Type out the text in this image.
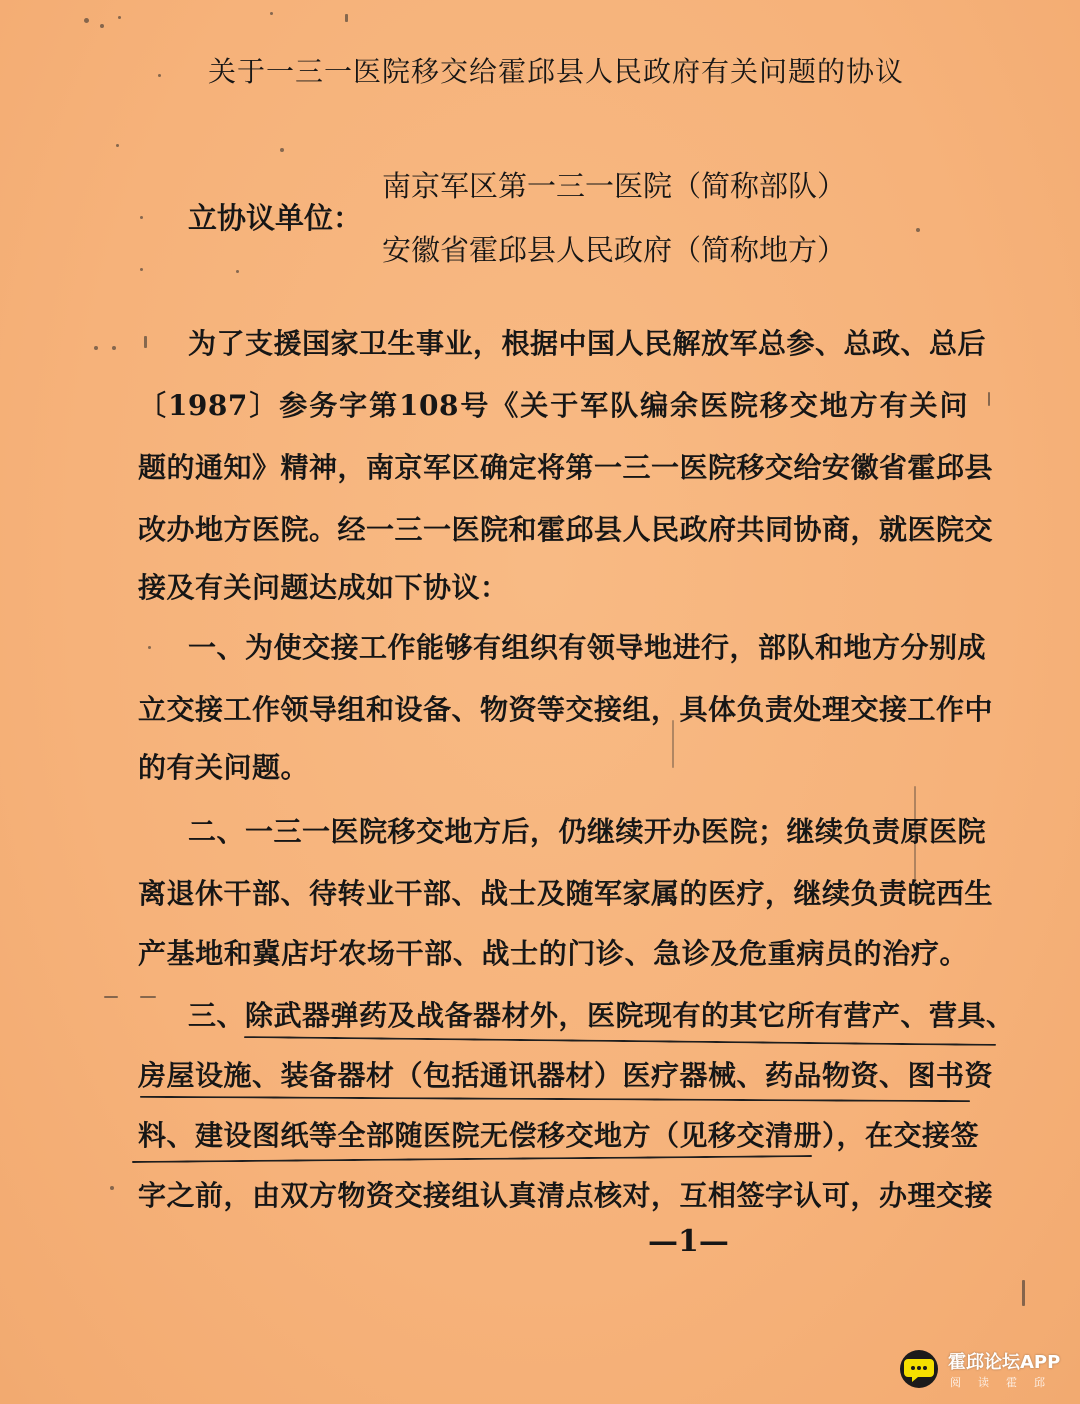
关于一三一医院移交给霍邱县人民政府有关问题的协议
立协议单位：
南京军区第一三一医院（简称部队）
安徽省霍邱县人民政府（简称地方）
为了支援国家卫生事业，根据中国人民解放军总参、总政、总后
〔1987〕参务字第108号《关于军队编余医院移交地方有关问
题的通知》精神，南京军区确定将第一三一医院移交给安徽省霍邱县
改办地方医院。经一三一医院和霍邱县人民政府共同协商，就医院交
接及有关问题达成如下协议：
一、为使交接工作能够有组织有领导地进行，部队和地方分别成
立交接工作领导组和设备、物资等交接组，具体负责处理交接工作中
的有关问题。
二、一三一医院移交地方后，仍继续开办医院；继续负责原医院
离退休干部、待转业干部、战士及随军家属的医疗，继续负责皖西生
产基地和冀店圩农场干部、战士的门诊、急诊及危重病员的治疗。
三、除武器弹药及战备器材外，医院现有的其它所有营产、营具、
房屋设施、装备器材（包括通讯器材）医疗器械、药品物资、图书资
料、建设图纸等全部随医院无偿移交地方（见移交清册），在交接签
字之前，由双方物资交接组认真清点核对，互相签字认可，办理交接
—1—
霍邱论坛APP
阅读霍邱
